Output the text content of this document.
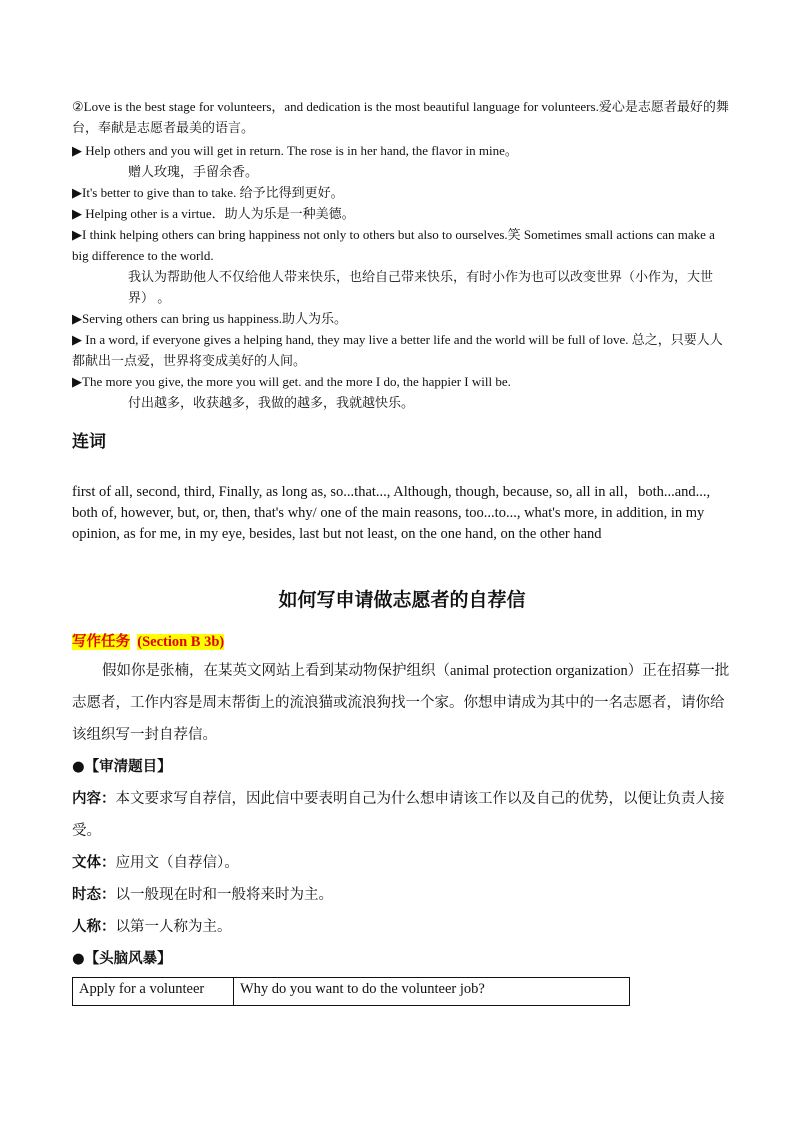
②Love is the best stage for volunteers，and dedication is the most beautiful language for volunteers.爱心是志愿者最好的舞台，奉献是志愿者最美的语言。

▶ Help others and you will get in return. The rose is in her hand, the flavor in mine。

赠人玫瑰，手留余香。

▶It's better to give than to take. 给予比得到更好。

▶ Helping other is a virtue．助人为乐是一种美德。

▶I think helping others can bring happiness not only to others but also to ourselves.笑 Sometimes small actions can make a big difference to the world.

我认为帮助他人不仅给他人带来快乐，也给自己带来快乐，有时小作为也可以改变世界（小作为，大世界） 。

▶Serving others can bring us happiness.助人为乐。

▶ In a word, if everyone gives a helping hand, they may live a better life and the world will be full of love. 总之，只要人人都献出一点爱，世界将变成美好的人间。

▶The more you give, the more you will get. and the more I do, the happier I will be.

付出越多，收获越多，我做的越多，我就越快乐。

连词

first of all, second, third, Finally, as long as, so...that..., Although, though, because, so, all in all，both...and..., both of, however, but, or, then, that's why/ one of the main reasons, too...to..., what's more, in addition, in my opinion, as for me, in my eye, besides, last but not least, on the one hand, on the other hand

如何写申请做志愿者的自荐信

写作任务 (Section B 3b)

假如你是张楠，在某英文网站上看到某动物保护组织（animal protection organization）正在招募一批志愿者，工作内容是周末帮街上的流浪猫或流浪狗找一个家。你想申请成为其中的一名志愿者，请你给该组织写一封自荐信。

●【审清题目】

内容：本文要求写自荐信，因此信中要表明自己为什么想申请该工作以及自己的优势，以便让负责人接受。

文体：应用文（自荐信）。

时态：以一般现在时和一般将来时为主。

人称：以第一人称为主。

●【头脑风暴】

Apply for a volunteer	Why do you want to do the volunteer job?
